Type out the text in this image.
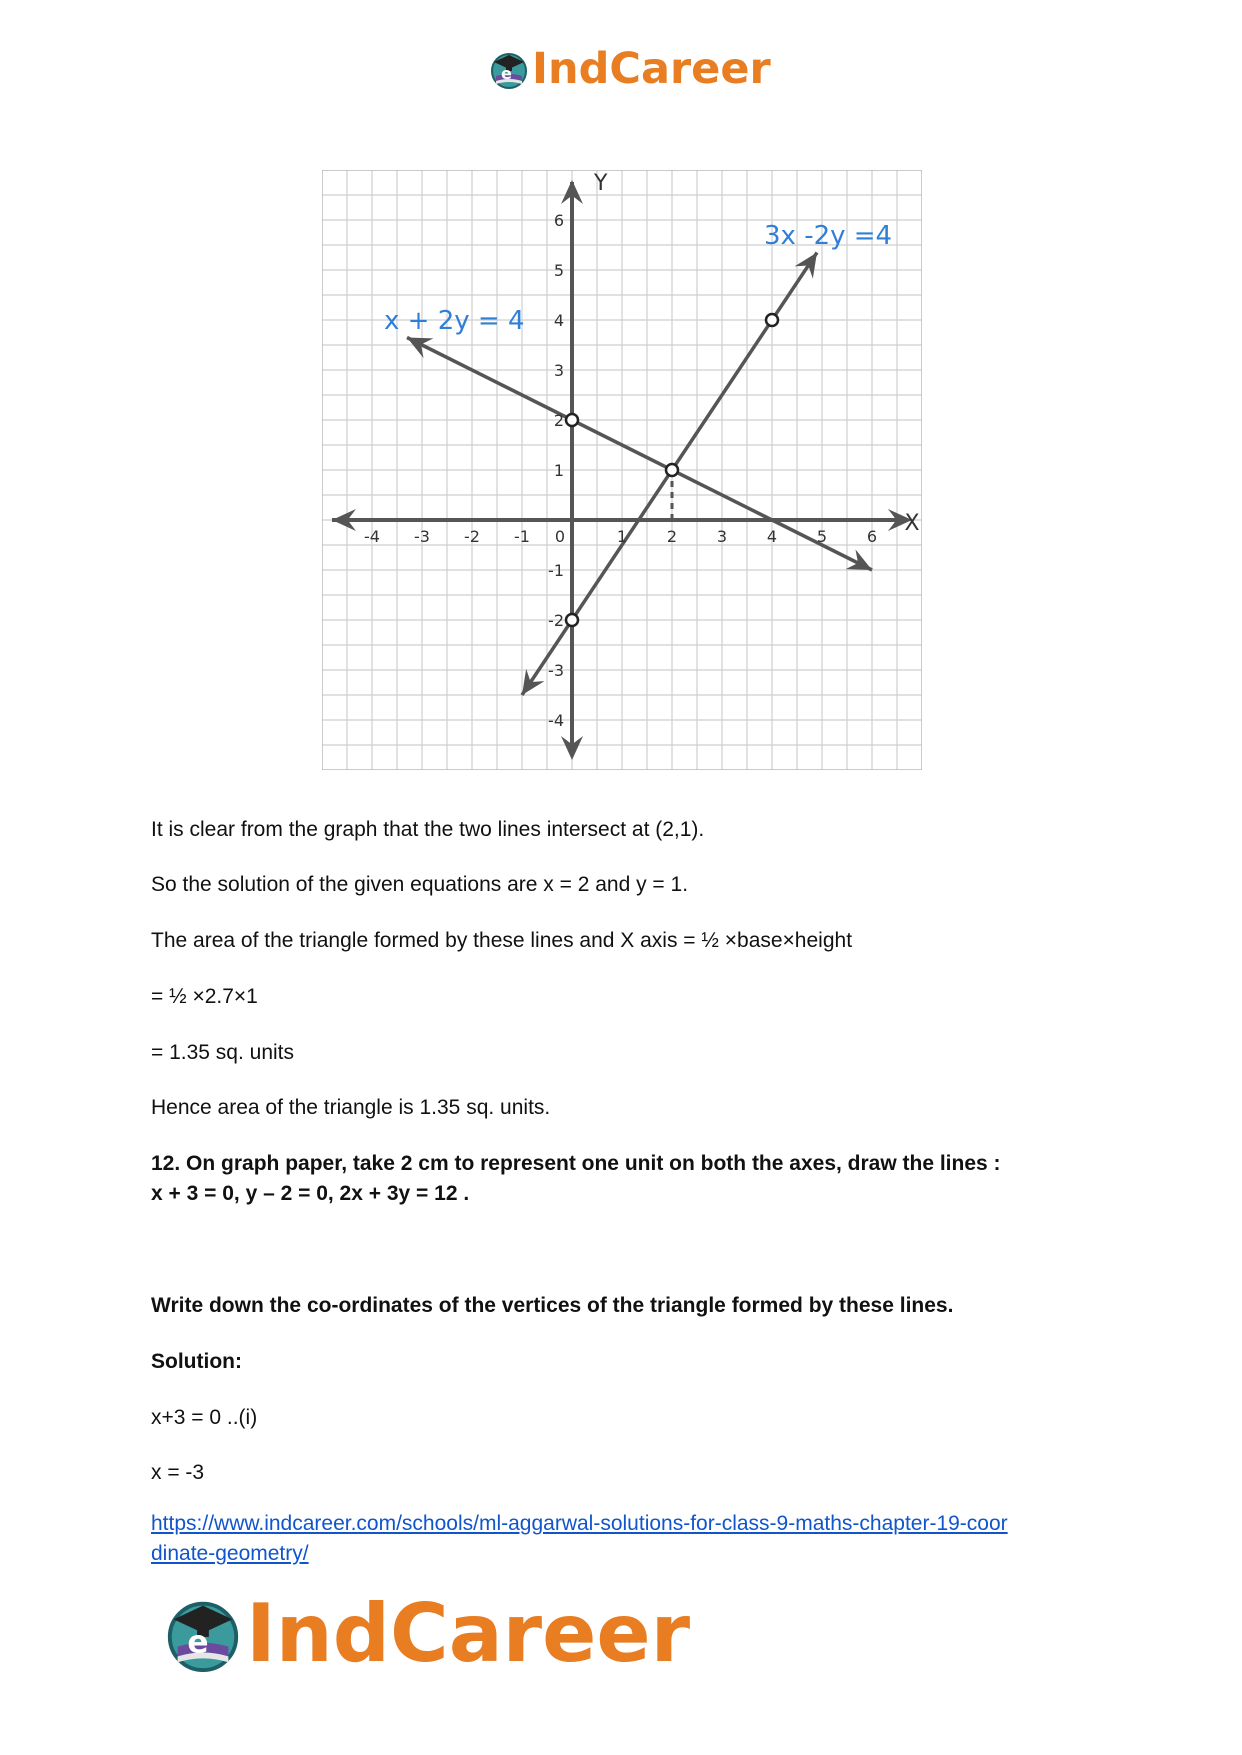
e IndCareer
-4 -3 -2 -1 0	1 2 3 4 5 6
6
5
4
3
2
1
-1
-2
-3
-4
X
Y
x + 2y = 4
3x -2y =4

It is clear from the graph that the two lines intersect at (2,1).

So the solution of the given equations are x = 2 and y = 1.

The area of the triangle formed by these lines and X axis = ½ ×base×height

= ½ ×2.7×1

= 1.35 sq. units

Hence area of the triangle is 1.35 sq. units.

12. On graph paper, take 2 cm to represent one unit on both the axes, draw the lines :

x + 3 = 0, y – 2 = 0, 2x + 3y = 12 .

Write down the co-ordinates of the vertices of the triangle formed by these lines.

Solution:

x+3 = 0 ..(i)

x = -3

https://www.indcareer.com/schools/ml-aggarwal-solutions-for-class-9-maths-chapter-19-coor

dinate-geometry/

e IndCareer
